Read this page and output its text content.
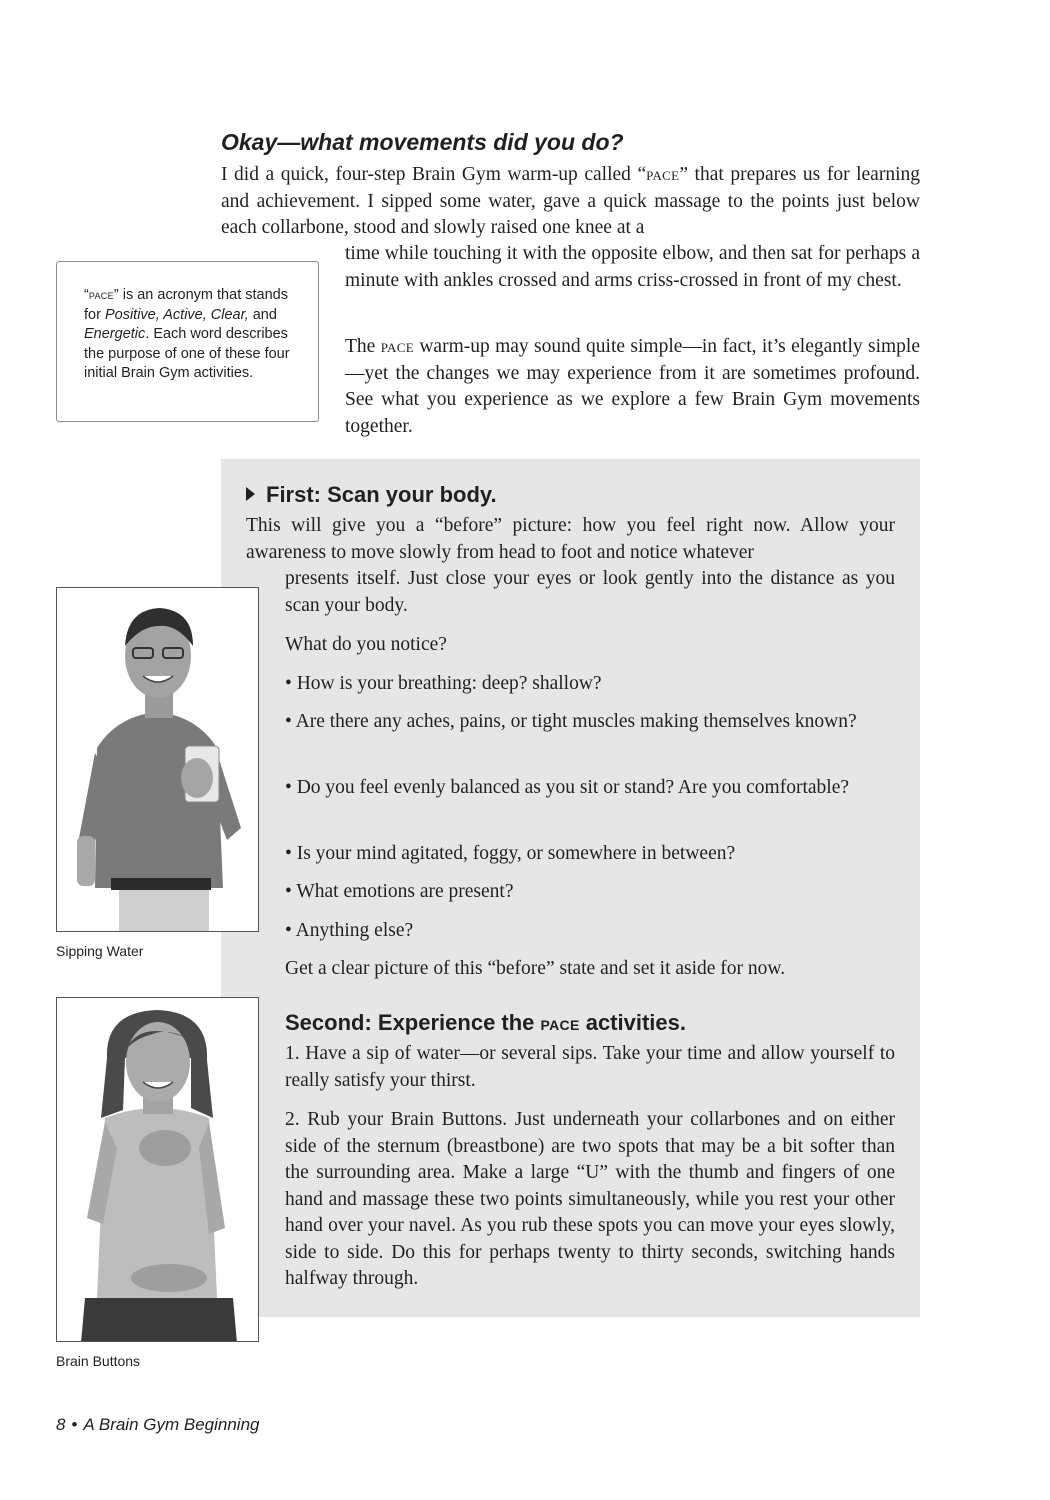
Okay—what movements did you do?

I did a quick, four-step Brain Gym warm-up called “pace” that prepares us for learning and achievement. I sipped some water, gave a quick massage to the points just below each collarbone, stood and slowly raised one knee at a

time while touching it with the opposite elbow, and then sat for perhaps a minute with ankles crossed and arms criss-crossed in front of my chest.

The pace warm-up may sound quite simple—in fact, it’s elegantly simple—yet the changes we may experience from it are sometimes profound. See what you experience as we explore a few Brain Gym movements together.

“pace” is an acronym that stands for Positive, Active, Clear, and Energetic. Each word describes the purpose of one of these four initial Brain Gym activities.
First: Scan your body.

This will give you a “before” picture: how you feel right now. Allow your awareness to move slowly from head to foot and notice whatever

presents itself. Just close your eyes or look gently into the distance as you scan your body.

What do you notice?

• How is your breathing: deep? shallow?

• Are there any aches, pains, or tight muscles making themselves known?

• Do you feel evenly balanced as you sit or stand? Are you comfortable?

• Is your mind agitated, foggy, or somewhere in between?

• What emotions are present?

• Anything else?

Get a clear picture of this “before” state and set it aside for now.

Second: Experience the pace activities.

1. Have a sip of water—or several sips. Take your time and allow yourself to really satisfy your thirst.

2. Rub your Brain Buttons. Just underneath your collarbones and on either side of the sternum (breastbone) are two spots that may be a bit softer than the surrounding area. Make a large “U” with the thumb and fingers of one hand and massage these two points simultaneously, while you rest your other hand over your navel. As you rub these spots you can move your eyes slowly, side to side. Do this for perhaps twenty to thirty seconds, switching hands halfway through.

Sipping Water
Brain Buttons
8 • A Brain Gym Beginning
